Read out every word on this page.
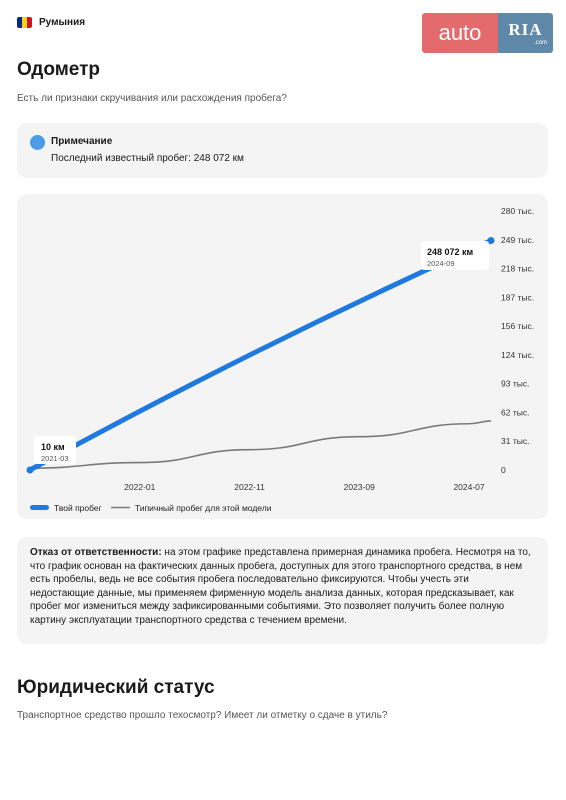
Румыния	auto	RIA
.com
Одометр
Есть ли признаки скручивания или расхождения пробега?
Примечание
Последний известный пробег: 248 072 км
280 тыс.
249 тыс.
218 тыс.
187 тыс.
156 тыс.
124 тыс.
93 тыс.
62 тыс.
31 тыс.
0
2022-01	2022-11	2023-09	2024-07
10 км
2021-03
248 072 км
2024-09
Твой пробег	Типичный пробег для этой модели

Отказ от ответственности: на этом графике представлена примерная динамика пробега. Несмотря на то, что график основан на фактических данных пробега, доступных для этого транспортного средства, в нем есть пробелы, ведь не все события пробега последовательно фиксируются. Чтобы учесть эти недостающие данные, мы применяем фирменную модель анализа данных, которая предсказывает, как пробег мог измениться между зафиксированными событиями. Это позволяет получить более полную картину эксплуатации транспортного средства с течением времени.

Юридический статус
Транспортное средство прошло техосмотр? Имеет ли отметку о сдаче в утиль?
